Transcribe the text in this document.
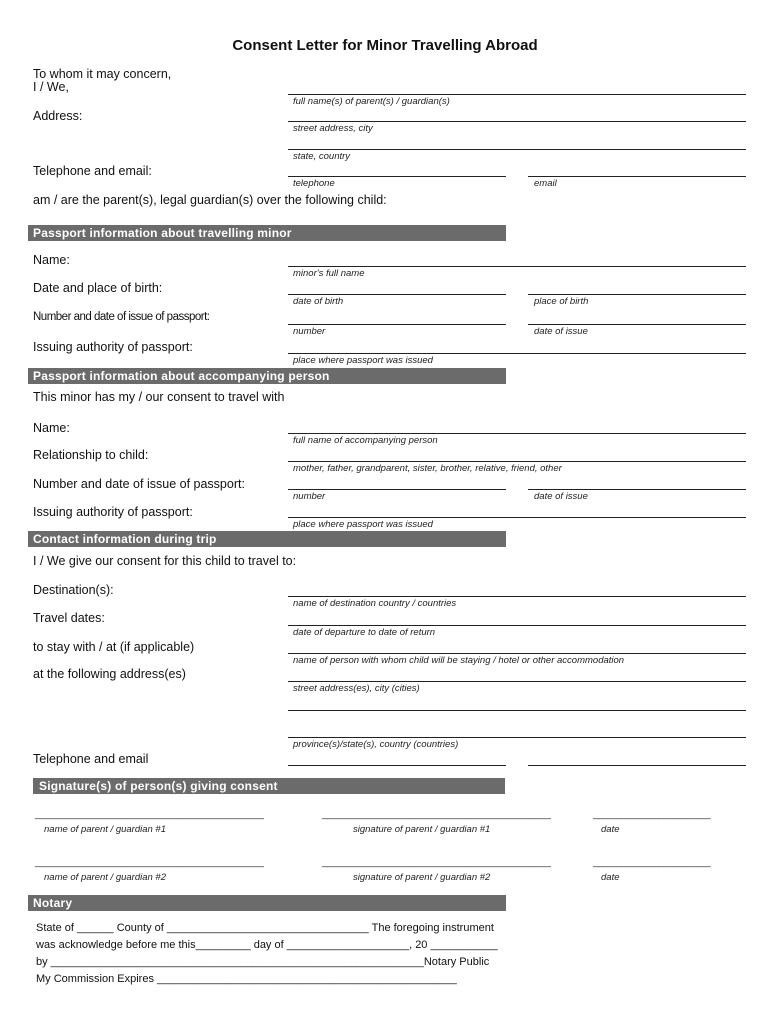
Consent Letter for Minor Travelling Abroad
To whom it may concern,
I / We,
full name(s) of parent(s) / guardian(s)
Address:
street address, city
state, country
Telephone and email:
telephone	email
am / are the parent(s), legal guardian(s) over the following child:
Passport information about travelling minor
Name:
minor's full name
Date and place of birth:
date of birth	place of birth
Number and date of issue of passport:
number	date of issue
Issuing authority of passport:
place where passport was issued
Passport information about accompanying person
This minor has my / our consent to travel with
Name:
full name of accompanying person
Relationship to child:
mother, father, grandparent, sister, brother, relative, friend, other
Number and date of issue of passport:
number	date of issue
Issuing authority of passport:
place where passport was issued
Contact information during trip
I / We give our consent for this child to travel to:
Destination(s):
name of destination country / countries
Travel dates:
date of departure to date of return
to stay with / at (if applicable)
name of person with whom child will be staying / hotel or other accommodation
at the following address(es)
street address(es), city (cities)
province(s)/state(s), country (countries)
Telephone and email
Signature(s) of person(s) giving consent
_____________________________________________	_____________________________________________	_________________________
name of parent / guardian #1	signature of parent / guardian #1	date
_____________________________________________	_____________________________________________	_________________________
name of parent / guardian #2	signature of parent / guardian #2	date
Notary
State of ______ County of _________________________________ The foregoing instrument
was acknowledge before me this_________ day of ____________________, 20 ___________
by _____________________________________________________________Notary Public
My Commission Expires _________________________________________________
